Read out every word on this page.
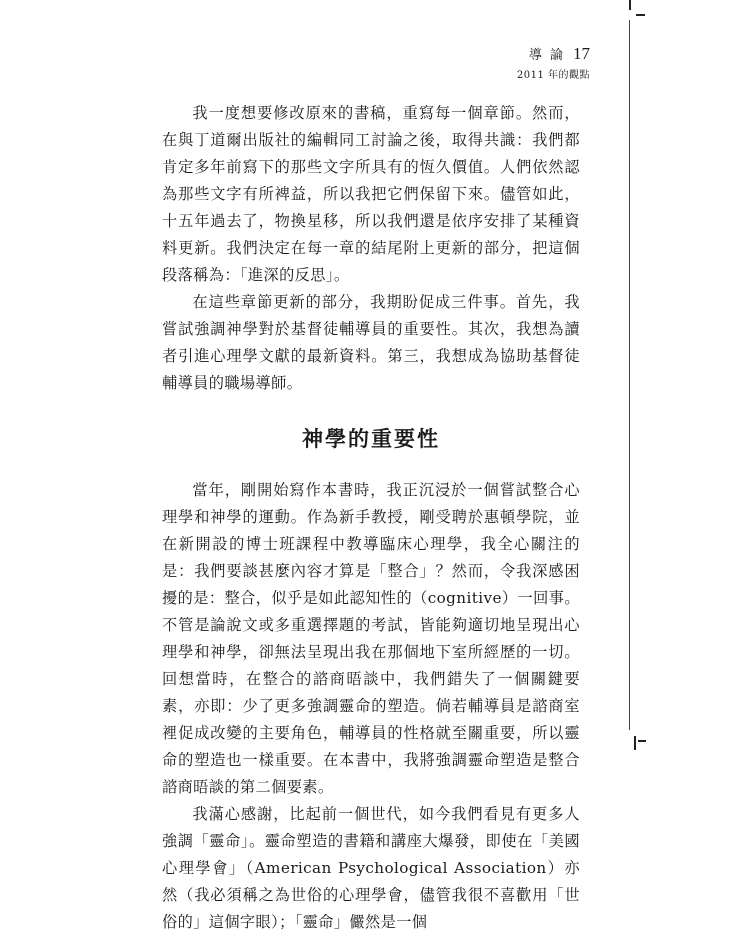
導 論 17
2011 年的觀點

我一度想要修改原來的書稿，重寫每一個章節。然而，在與丁道爾出版社的編輯同工討論之後，取得共識：我們都肯定多年前寫下的那些文字所具有的恆久價值。人們依然認為那些文字有所裨益，所以我把它們保留下來。儘管如此，十五年過去了，物換星移，所以我們還是依序安排了某種資料更新。我們決定在每一章的結尾附上更新的部分，把這個段落稱為：「進深的反思」。

在這些章節更新的部分，我期盼促成三件事。首先，我嘗試強調神學對於基督徒輔導員的重要性。其次，我想為讀者引進心理學文獻的最新資料。第三，我想成為協助基督徒輔導員的職場導師。

神學的重要性

當年，剛開始寫作本書時，我正沉浸於一個嘗試整合心理學和神學的運動。作為新手教授，剛受聘於惠頓學院，並在新開設的博士班課程中教導臨床心理學，我全心關注的是：我們要談甚麼內容才算是「整合」？然而，令我深感困擾的是：整合，似乎是如此認知性的（cognitive）一回事。不管是論說文或多重選擇題的考試，皆能夠適切地呈現出心理學和神學，卻無法呈現出我在那個地下室所經歷的一切。回想當時，在整合的諮商晤談中，我們錯失了一個關鍵要素，亦即：少了更多強調靈命的塑造。倘若輔導員是諮商室裡促成改變的主要角色，輔導員的性格就至關重要，所以靈命的塑造也一樣重要。在本書中，我將強調靈命塑造是整合諮商晤談的第二個要素。

我滿心感謝，比起前一個世代，如今我們看見有更多人強調「靈命」。靈命塑造的書籍和講座大爆發，即使在「美國心理學會」（American Psychological Association）亦然（我必須稱之為世俗的心理學會，儘管我很不喜歡用「世俗的」這個字眼）；「靈命」儼然是一個
